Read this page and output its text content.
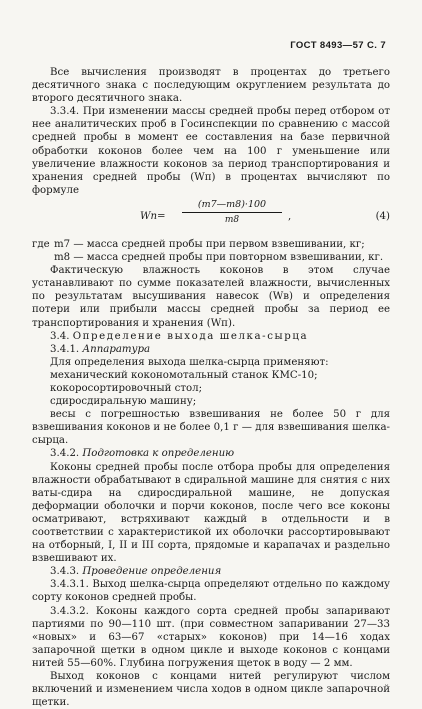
ГОСТ 8493—57 С. 7

Все вычисления производят в процентах до третьего десятичного знака с последующим округлением результата до второго десятичного знака.

3.3.4. При изменении массы средней пробы перед отбором от нее аналитических проб в Госинспекции по сравнению с массой средней пробы в момент ее составления на базе первичной обработки коконов более чем на 100 г уменьшение или увеличение влажности коконов за период транспортирования и хранения средней пробы (Wп) в процентах вычисляют по формуле

$Wп= \frac{(m7—m8)\cdot 100}{m8}$ ,	(4)
где m7 — масса средней пробы при первом взвешивании, кг;
m8 — масса средней пробы при повторном взвешивании, кг.

Фактическую влажность коконов в этом случае устанавливают по сумме показателей влажности, вычисленных по результатам высушивания навесок (Wв) и определения потери или прибыли массы средней пробы за период ее транспортирования и хранения (Wп).

3.4. Определение выхода шелка-сырца

3.4.1. Аппаратура

Для определения выхода шелка-сырца применяют:

механический кокономотальный станок КМС-10;

кокоросортировочный стол;

сдиросдиральную машину;

весы с погрешностью взвешивания не более 50 г для взвешивания коконов и не более 0,1 г — для взвешивания шелка-сырца.

3.4.2. Подготовка к определению

Коконы средней пробы после отбора пробы для определения влажности обрабатывают в сдиральной машине для снятия с них ваты-сдира на сдиросдиральной машине, не допуская деформации оболочки и порчи коконов, после чего все коконы осматривают, встряхивают каждый в отдельности и в соответствии с характеристикой их оболочки рассортировывают на отборный, I, II и III сорта, прядомые и карапачах и раздельно взвешивают их.

3.4.3. Проведение определения

3.4.3.1. Выход шелка-сырца определяют отдельно по каждому сорту коконов средней пробы.

3.4.3.2. Коконы каждого сорта средней пробы запаривают партиями по 90—110 шт. (при совместном запаривании 27—33 «новых» и 63—67 «старых» коконов) при 14—16 ходах запарочной щетки в одном цикле и выходе коконов с концами нитей 55—60%. Глубина погружения щеток в воду — 2 мм.

Выход коконов с концами нитей регулируют числом включений и изменением числа ходов в одном цикле запарочной щетки.
